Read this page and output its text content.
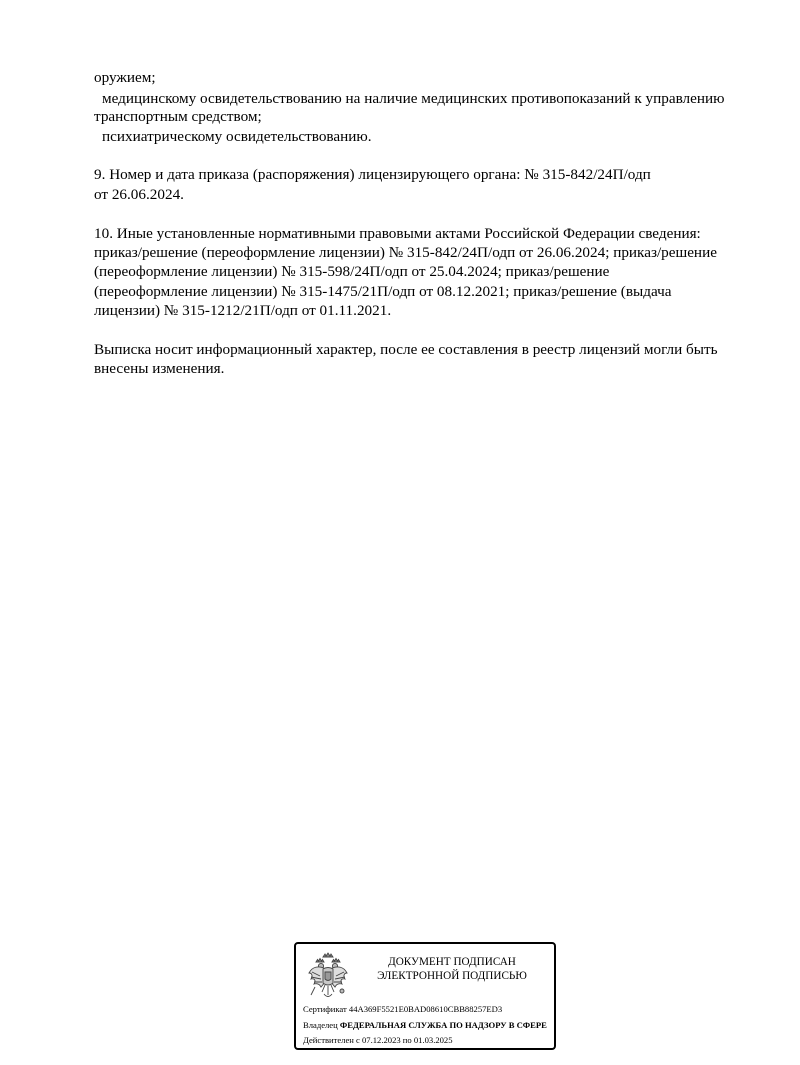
оружием;
медицинскому освидетельствованию на наличие медицинских противопоказаний к управлению
транспортным средством;
психиатрическому освидетельствованию.
9. Номер и дата приказа (распоряжения) лицензирующего органа: № 315-842/24П/одп
от 26.06.2024.
10. Иные установленные нормативными правовыми актами Российской Федерации сведения:
приказ/решение (переоформление лицензии) № 315-842/24П/одп от 26.06.2024; приказ/решение
(переоформление лицензии) № 315-598/24П/одп от 25.04.2024; приказ/решение
(переоформление лицензии) № 315-1475/21П/одп от 08.12.2021; приказ/решение (выдача
лицензии) № 315-1212/21П/одп от 01.11.2021.
Выписка носит информационный характер, после ее составления в реестр лицензий могли быть
внесены изменения.
ДОКУМЕНТ ПОДПИСАН
ЭЛЕКТРОННОЙ ПОДПИСЬЮ
Сертификат 44A369F5521E0BAD08610CBB88257ED3
Владелец ФЕДЕРАЛЬНАЯ СЛУЖБА ПО НАДЗОРУ В СФЕРЕ
Действителен с 07.12.2023 по 01.03.2025
